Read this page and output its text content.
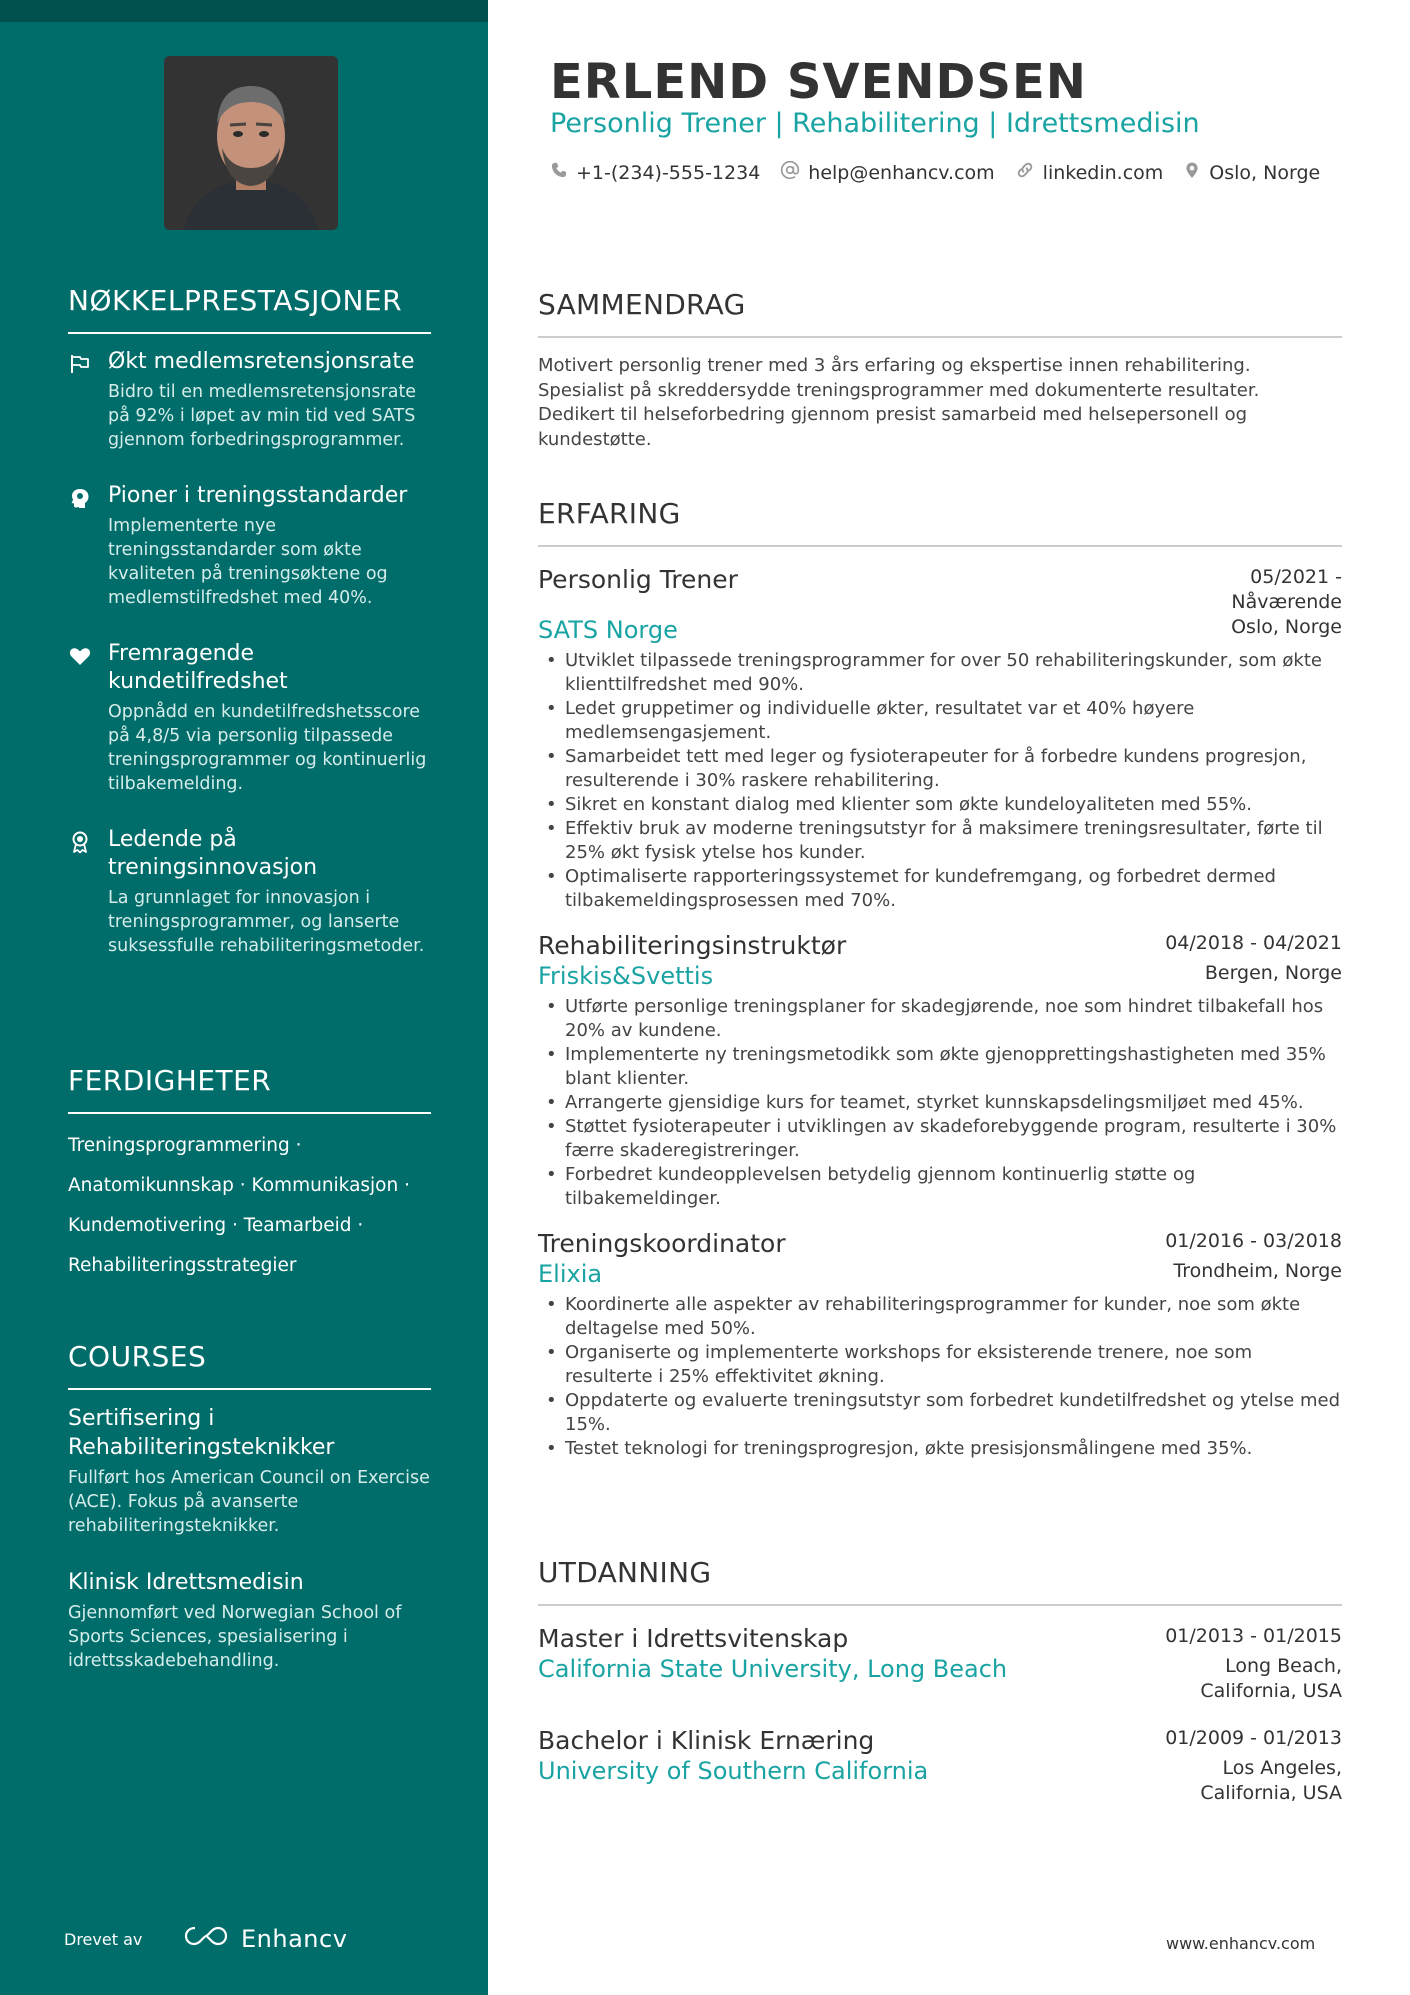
NØKKELPRESTASJONER
Økt medlemsretensjonsrate
Bidro til en medlemsretensjonsrate på 92% i løpet av min tid ved SATS gjennom forbedringsprogrammer.
Pioner i treningsstandarder
Implementerte nye treningsstandarder som økte kvaliteten på treningsøktene og medlemstilfredshet med 40%.
Fremragende kundetilfredshet
Oppnådd en kundetilfredshetsscore på 4,8/5 via personlig tilpassede treningsprogrammer og kontinuerlig tilbakemelding.
Ledende på treningsinnovasjon
La grunnlaget for innovasjon i treningsprogrammer, og lanserte suksessfulle rehabiliteringsmetoder.
FERDIGHETER
Treningsprogrammering ·
Anatomikunnskap · Kommunikasjon ·
Kundemotivering · Teamarbeid ·
Rehabiliteringsstrategier
COURSES
Sertifisering i Rehabiliteringsteknikker
Fullført hos American Council on Exercise (ACE). Fokus på avanserte rehabiliteringsteknikker.
Klinisk Idrettsmedisin
Gjennomført ved Norwegian School of Sports Sciences, spesialisering i idrettsskadebehandling.
Drevet av	Enhancv
ERLEND SVENDSEN
Personlig Trener | Rehabilitering | Idrettsmedisin
+1-(234)-555-1234	help@enhancv.com	linkedin.com Oslo, Norge
SAMMENDRAG
Motivert personlig trener med 3 års erfaring og ekspertise innen rehabilitering. Spesialist på skreddersydde treningsprogrammer med dokumenterte resultater. Dedikert til helseforbedring gjennom presist samarbeid med helsepersonell og kundestøtte.
ERFARING
Personlig Trener	05/2021 -
Nåværende
SATS Norge	Oslo, Norge
• Utviklet tilpassede treningsprogrammer for over 50 rehabiliteringskunder, som økte klienttilfredshet med 90%.
• Ledet gruppetimer og individuelle økter, resultatet var et 40% høyere medlemsengasjement.
• Samarbeidet tett med leger og fysioterapeuter for å forbedre kundens progresjon, resulterende i 30% raskere rehabilitering.
• Sikret en konstant dialog med klienter som økte kundeloyaliteten med 55%.
• Effektiv bruk av moderne treningsutstyr for å maksimere treningsresultater, førte til 25% økt fysisk ytelse hos kunder.
• Optimaliserte rapporteringssystemet for kundefremgang, og forbedret dermed tilbakemeldingsprosessen med 70%.
Rehabiliteringsinstruktør	04/2018 - 04/2021
Friskis&Svettis	Bergen, Norge
• Utførte personlige treningsplaner for skadegjørende, noe som hindret tilbakefall hos 20% av kundene.
• Implementerte ny treningsmetodikk som økte gjenopprettingshastigheten med 35% blant klienter.
• Arrangerte gjensidige kurs for teamet, styrket kunnskapsdelingsmiljøet med 45%.
• Støttet fysioterapeuter i utviklingen av skadeforebyggende program, resulterte i 30% færre skaderegistreringer.
• Forbedret kundeopplevelsen betydelig gjennom kontinuerlig støtte og tilbakemeldinger.
Treningskoordinator	01/2016 - 03/2018
Elixia	Trondheim, Norge
• Koordinerte alle aspekter av rehabiliteringsprogrammer for kunder, noe som økte deltagelse med 50%.
• Organiserte og implementerte workshops for eksisterende trenere, noe som resulterte i 25% effektivitet økning.
• Oppdaterte og evaluerte treningsutstyr som forbedret kundetilfredshet og ytelse med 15%.
• Testet teknologi for treningsprogresjon, økte presisjonsmålingene med 35%.
UTDANNING
Master i Idrettsvitenskap	01/2013 - 01/2015
California State University, Long Beach	Long Beach,
California, USA
Bachelor i Klinisk Ernæring	01/2009 - 01/2013
University of Southern California	Los Angeles,
California, USA
www.enhancv.com
